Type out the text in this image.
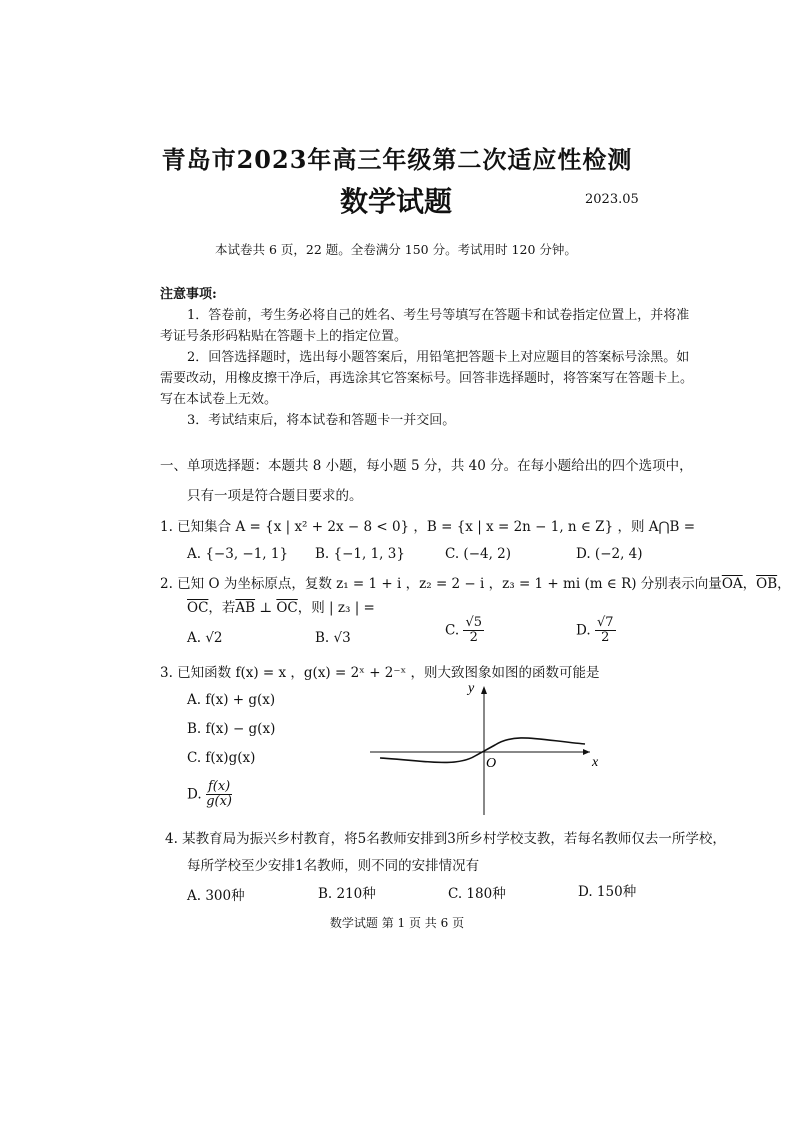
青岛市2023年高三年级第二次适应性检测
数学试题	2023.05
本试卷共 6 页，22 题。全卷满分 150 分。考试用时 120 分钟。
注意事项:
1．答卷前，考生务必将自己的姓名、考生号等填写在答题卡和试卷指定位置上，并将准
考证号条形码粘贴在答题卡上的指定位置。
2．回答选择题时，选出每小题答案后，用铅笔把答题卡上对应题目的答案标号涂黑。如
需要改动，用橡皮擦干净后，再选涂其它答案标号。回答非选择题时，将答案写在答题卡上。
写在本试卷上无效。
3．考试结束后，将本试卷和答题卡一并交回。
一、单项选择题：本题共 8 小题，每小题 5 分，共 40 分。在每小题给出的四个选项中，
只有一项是符合题目要求的。
1. 已知集合 A = {x | x² + 2x − 8 < 0} ，B = {x | x = 2n − 1, n ∈ Z} ，则 A⋂B =
A. {−3, −1, 1} B. {−1, 1, 3}	C. (−4, 2)	D. (−2, 4)
2. 已知 O 为坐标原点，复数 z₁ = 1 + i ，z₂ = 2 − i ，z₃ = 1 + mi (m ∈ R) 分别表示向量$\overline{OA}$，$\overline{OB}$，
$\overline{OC}$，若$\overline{AB}$ ⊥ $\overline{OC}$，则 | z₃ | =
A. √2	B. √3	C. $\frac{√5}{2}$	D. $\frac{√7}{2}$
3. 已知函数 f(x) = x ，g(x) = 2ˣ + 2⁻ˣ ，则大致图象如图的函数可能是
A. f(x) + g(x)
B. f(x) − g(x)
C. f(x)g(x)
D. $\frac{f(x)}{g(x)}$
y
x
O
4. 某教育局为振兴乡村教育，将5名教师安排到3所乡村学校支教，若每名教师仅去一所学校，
每所学校至少安排1名教师，则不同的安排情况有
A. 300种	B. 210种	C. 180种	D. 150种
数学试题 第 1 页 共 6 页
